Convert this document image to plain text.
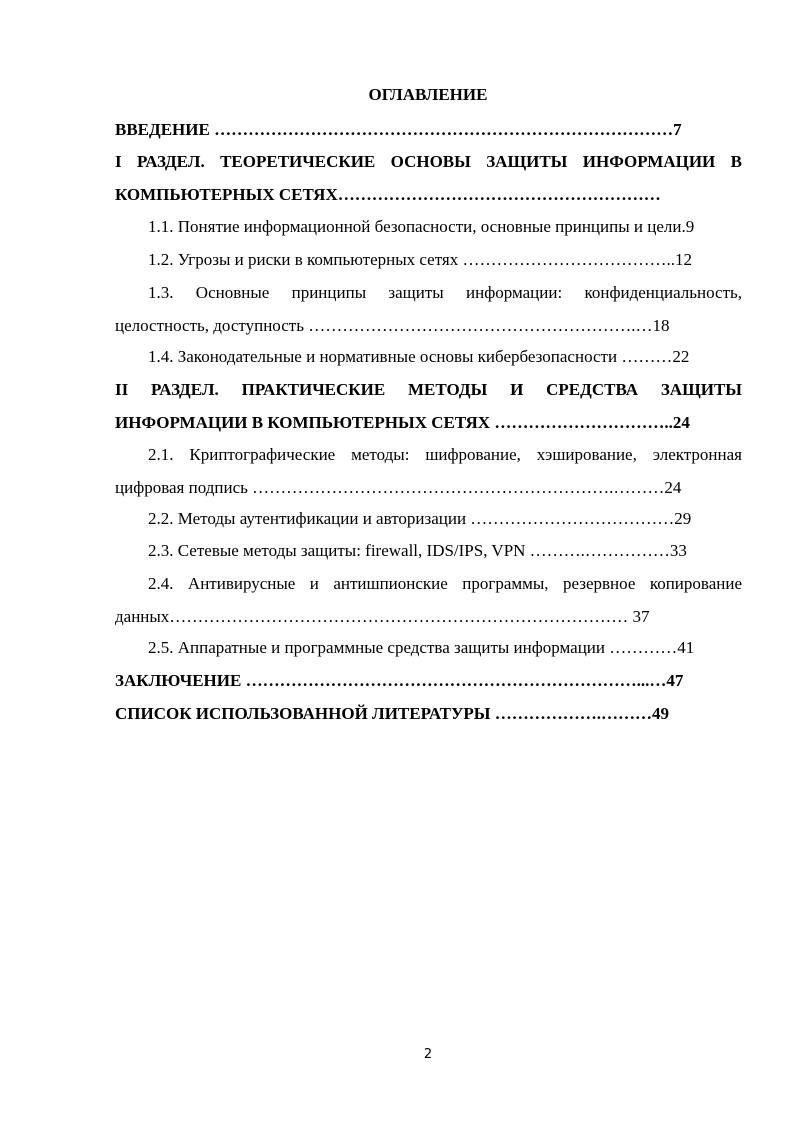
ОГЛАВЛЕНИЕ
ВВЕДЕНИЕ ………………………………………………………………………7
I РАЗДЕЛ. ТЕОРЕТИЧЕСКИЕ ОСНОВЫ ЗАЩИТЫ ИНФОРМАЦИИ В КОМПЬЮТЕРНЫХ СЕТЯХ…………………………………………………
1.1. Понятие информационной безопасности, основные принципы и цели.9
1.2. Угрозы и риски в компьютерных сетях ………………………………..12
1.3. Основные принципы защиты информации: конфиденциальность, целостность, доступность ………………………………………………….…18
1.4. Законодательные и нормативные основы кибербезопасности ………22
II РАЗДЕЛ. ПРАКТИЧЕСКИЕ МЕТОДЫ И СРЕДСТВА ЗАЩИТЫ ИНФОРМАЦИИ В КОМПЬЮТЕРНЫХ СЕТЯХ …………………………..24
2.1. Криптографические методы: шифрование, хэширование, электронная цифровая подпись ……………………………………………………….………24
2.2. Методы аутентификации и авторизации ………………………………29
2.3. Сетевые методы защиты: firewall, IDS/IPS, VPN ……….……………33
2.4. Антивирусные и антишпионские программы, резервное копирование данных……………………………………………………………………… 37
2.5. Аппаратные и программные средства защиты информации …………41
ЗАКЛЮЧЕНИЕ ……………………………………………………………...…47
СПИСОК ИСПОЛЬЗОВАННОЙ ЛИТЕРАТУРЫ ……………….………49
2
